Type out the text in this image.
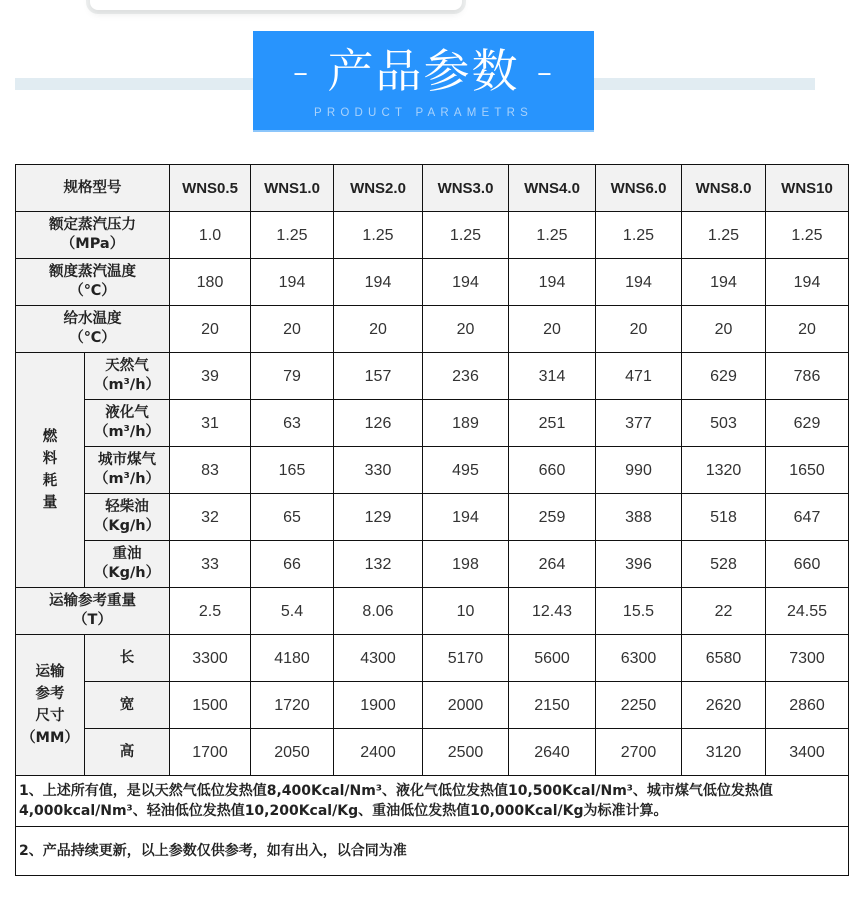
- 产品参数 -
PRODUCT PARAMETRS
规格型号		WNS0.5	WNS1.0	WNS2.0	WNS3.0	WNS4.0	WNS6.0	WNS8.0	WNS10
额定蒸汽压力
（MPa）		1.0	1.25	1.25	1.25	1.25	1.25	1.25	1.25
额度蒸汽温度
（℃）		180	194	194	194	194	194	194	194
给水温度
（℃）		20	20	20	20	20	20	20	20
燃
料
耗
量	天然气
（m³/h）	39	79	157	236	314	471	629	786
	液化气
（m³/h）	31	63	126	189	251	377	503	629
	城市煤气
（m³/h）	83	165	330	495	660	990	1320	1650
	轻柴油
（Kg/h）	32	65	129	194	259	388	518	647
	重油
（Kg/h）	33	66	132	198	264	396	528	660
运输参考重量
（T）		2.5	5.4	8.06	10	12.43	15.5	22	24.55
运输
参考
尺寸
（MM）	长	3300	4180	4300	5170	5600	6300	6580	7300
	宽	1500	1720	1900	2000	2150	2250	2620	2860
	高	1700	2050	2400	2500	2640	2700	3120	3400
1、上述所有值，是以天然气低位发热值8,400Kcal/Nm³、液化气低位发热值10,500Kcal/Nm³、城市煤气低位发热值4,000kcal/Nm³、轻油低位发热值10,200Kcal/Kg、重油低位发热值10,000Kcal/Kg为标准计算。									
2、产品持续更新，以上参数仅供参考，如有出入，以合同为准									
